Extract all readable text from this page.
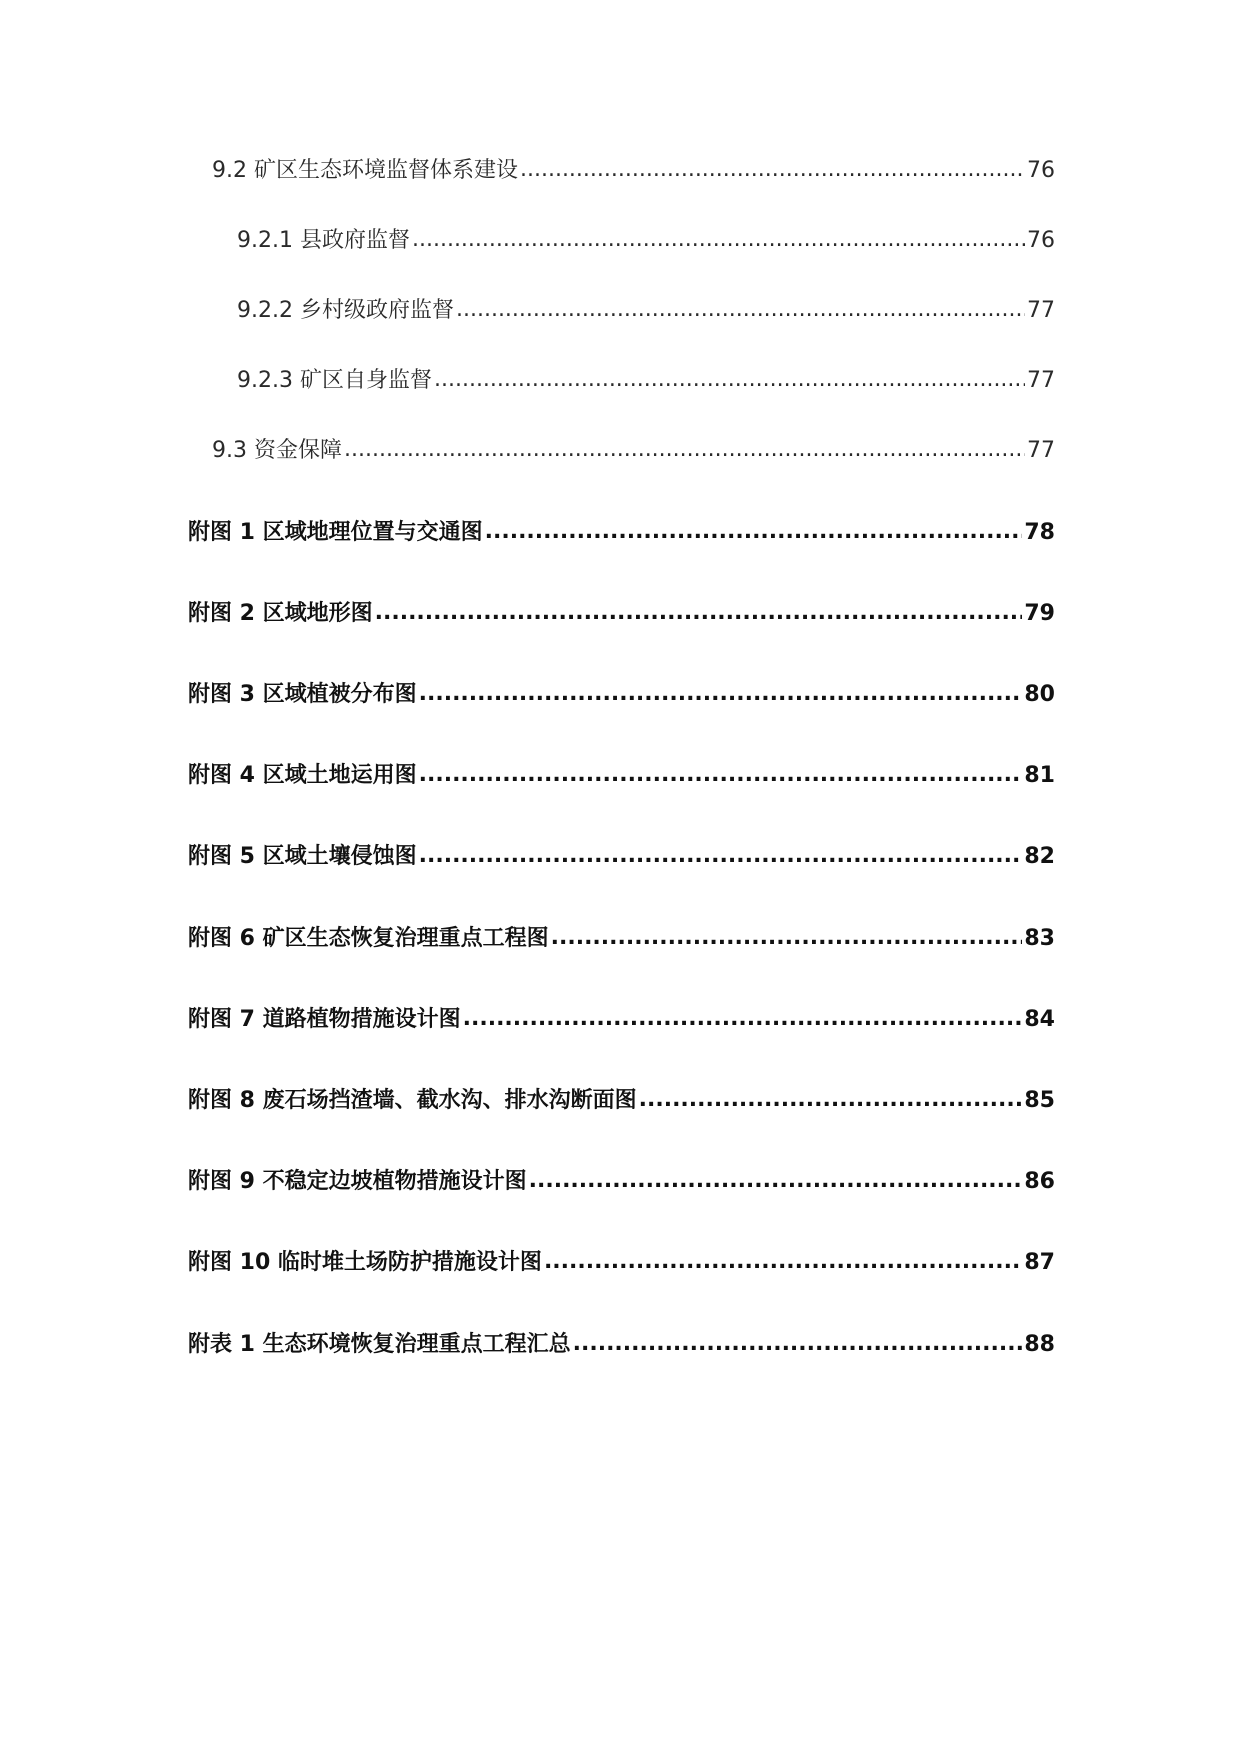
9.2 矿区生态环境监督体系建设 .....	76
9.2.1 县政府监督 .....	76
9.2.2 乡村级政府监督 .....	77
9.2.3 矿区自身监督 .....	77
9.3 资金保障 .....	77
附图 1 区域地理位置与交通图 .....	78
附图 2 区域地形图 .....	79
附图 3 区域植被分布图 .....	80
附图 4 区域土地运用图 .....	81
附图 5 区域土壤侵蚀图 .....	82
附图 6 矿区生态恢复治理重点工程图 .....	83
附图 7 道路植物措施设计图 .....	84
附图 8 废石场挡渣墙、截水沟、排水沟断面图 .....	85
附图 9 不稳定边坡植物措施设计图 .....	86
附图 10 临时堆土场防护措施设计图 .....	87
附表 1 生态环境恢复治理重点工程汇总 .....	88
